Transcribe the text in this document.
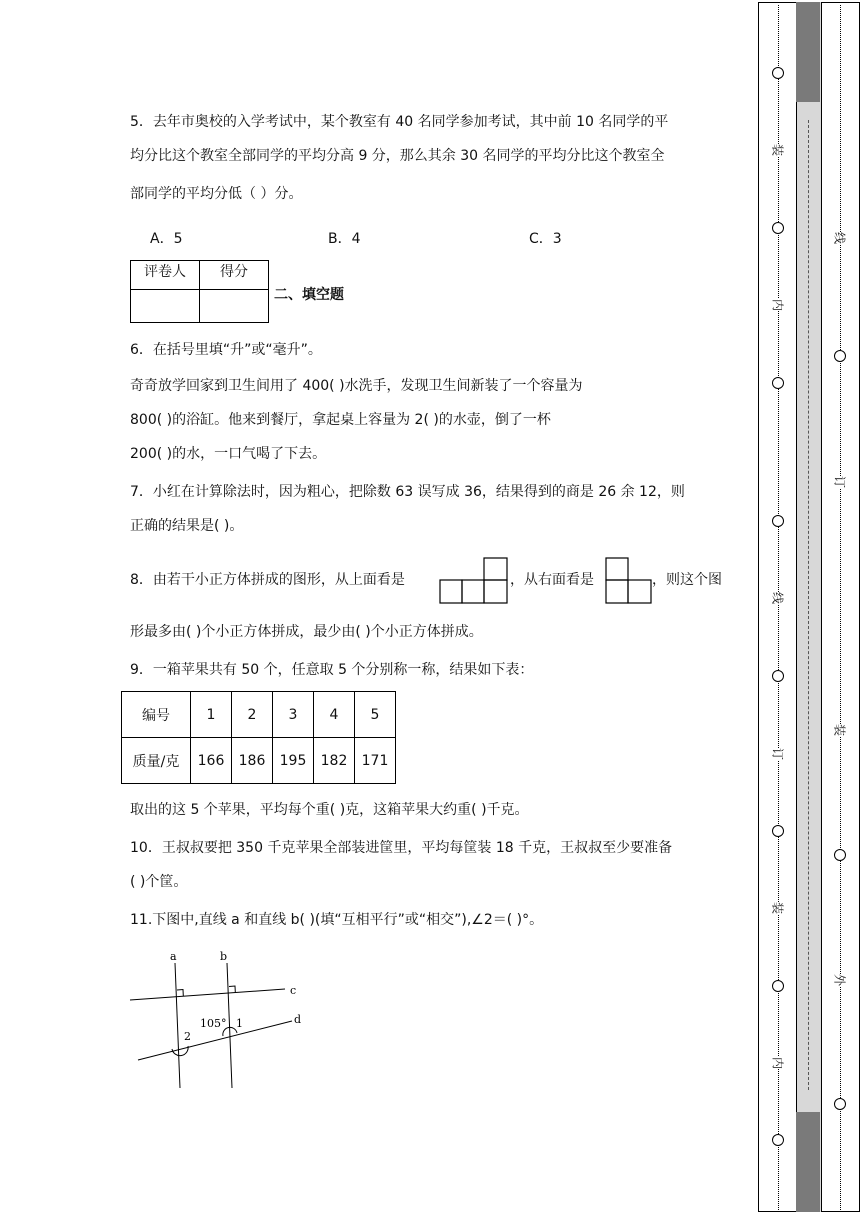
5．去年市奥校的入学考试中，某个教室有 40 名同学参加考试，其中前 10 名同学的平
均分比这个教室全部同学的平均分高 9 分，那么其余 30 名同学的平均分比这个教室全
部同学的平均分低（ ）分。
A．5	B．4	C．3
评卷人	得分

二、填空题
6．在括号里填“升”或“毫升”。
奇奇放学回家到卫生间用了 400( )水洗手，发现卫生间新装了一个容量为
800( )的浴缸。他来到餐厅，拿起桌上容量为 2( )的水壶，倒了一杯
200( )的水，一口气喝了下去。
7．小红在计算除法时，因为粗心，把除数 63 误写成 36，结果得到的商是 26 余 12，则
正确的结果是( )。
8．由若干小正方体拼成的图形，从上面看是	，从右面看是	，则这个图
形最多由( )个小正方体拼成，最少由( )个小正方体拼成。
9．一箱苹果共有 50 个，任意取 5 个分别称一称，结果如下表：
编号	1	2	3	4	5
质量/克	166	186	195	182	171
取出的这 5 个苹果，平均每个重( )克，这箱苹果大约重( )千克。
10．王叔叔要把 350 千克苹果全部装进筐里，平均每筐装 18 千克，王叔叔至少要准备
( )个筐。
11.下图中,直线 a 和直线 b( )(填“互相平行”或“相交”),∠2＝( )°。
a	b
c
d
105° 1
2
装
内
线
订
装
内
线
订
装
外
